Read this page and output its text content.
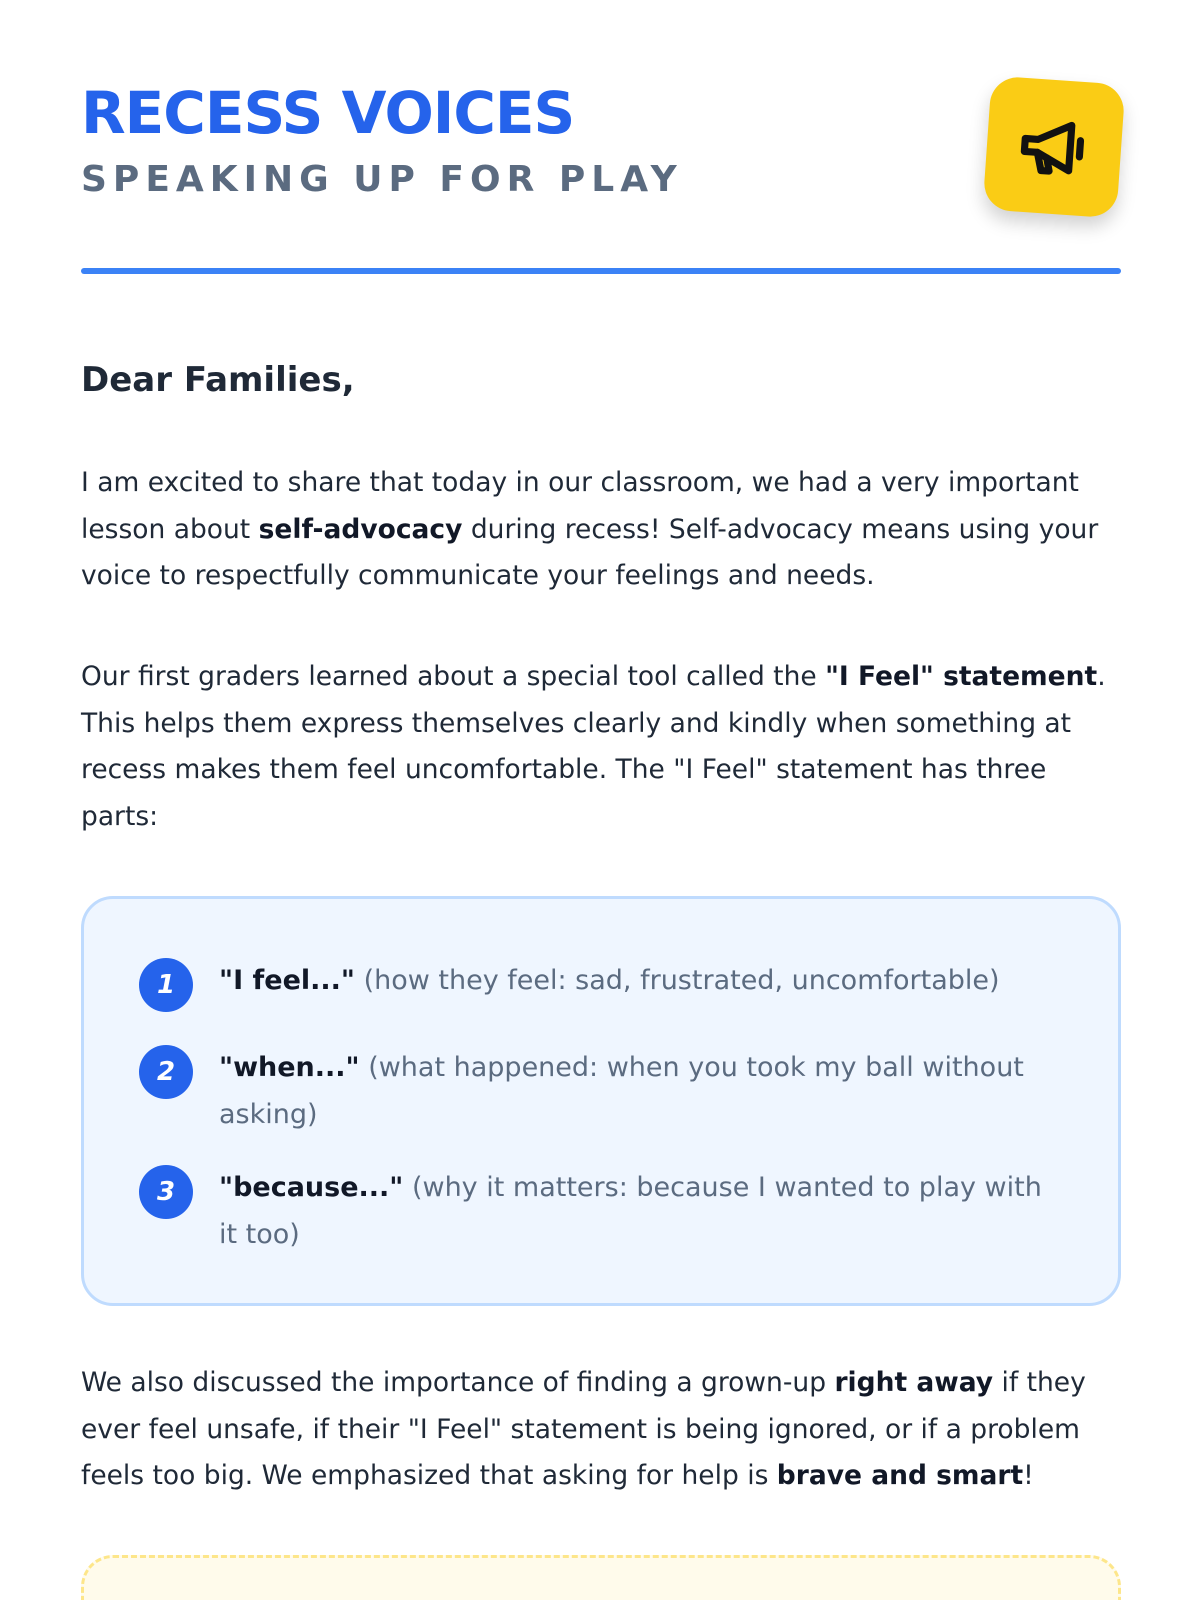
RECESS VOICES
SPEAKING UP FOR PLAY
Dear Families,

I am excited to share that today in our classroom, we had a very important lesson about self-advocacy during recess! Self-advocacy means using your voice to respectfully communicate your feelings and needs.

Our first graders learned about a special tool called the "I Feel" statement. This helps them express themselves clearly and kindly when something at recess makes them feel uncomfortable. The "I Feel" statement has three parts:

1	"I feel..." (how they feel: sad, frustrated, uncomfortable)
2	"when..." (what happened: when you took my ball without asking)
3	"because..." (why it matters: because I wanted to play with it too)

We also discussed the importance of finding a grown-up right away if they ever feel unsafe, if their "I Feel" statement is being ignored, or if a problem feels too big. We emphasized that asking for help is brave and smart!
